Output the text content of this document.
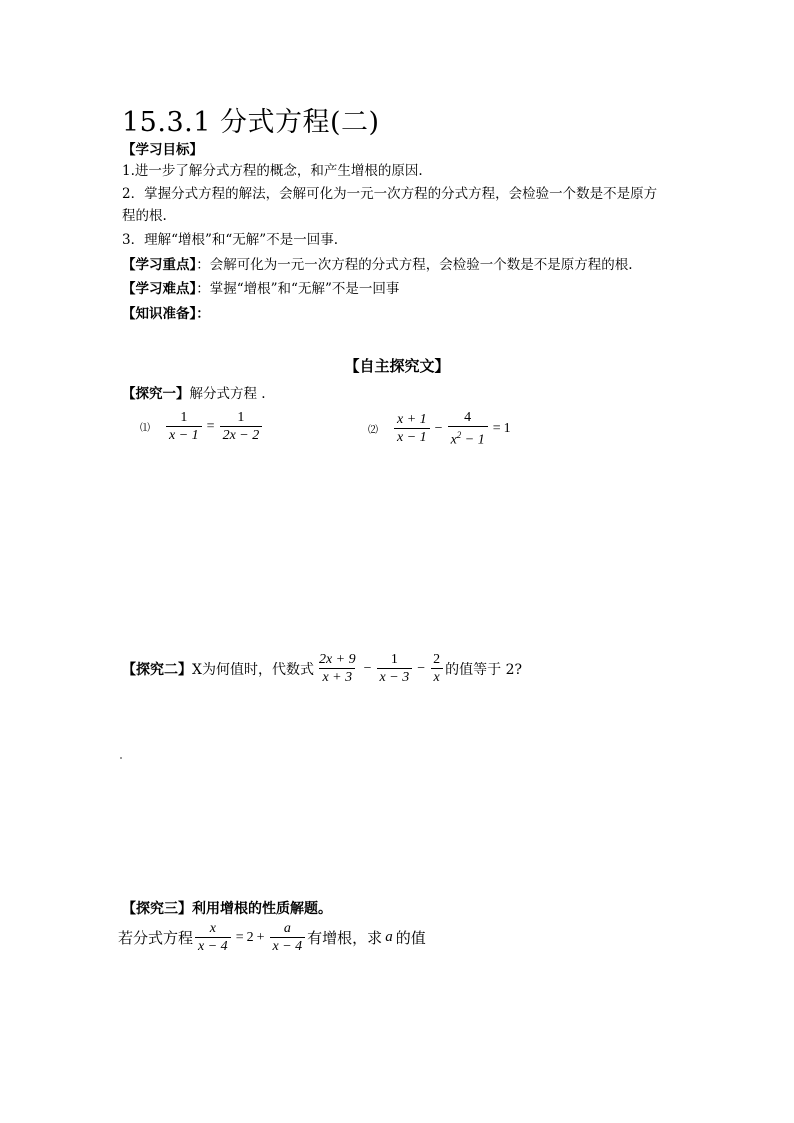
15.3.1 分式方程(二)
【学习目标】
1.进一步了解分式方程的概念，和产生增根的原因.
2．掌握分式方程的解法，会解可化为一元一次方程的分式方程，会检验一个数是不是原方
程的根.
3．理解“增根”和“无解”不是一回事.
【学习重点】：会解可化为一元一次方程的分式方程，会检验一个数是不是原方程的根.
【学习难点】：掌握“增根”和“无解”不是一回事
【知识准备】：
【自主探究文】
【探究一】解分式方程 .
⑴ $\frac{1}{x - 1} = \frac{1}{2x - 2}$	⑵ $\frac{x + 1}{x - 1} - \frac{4}{x^2 - 1} = 1$
【探究二】 X为何值时，代数式 $\frac{2x + 9}{x + 3} - \frac{1}{x - 3} - \frac{2}{x}$ 的值等于 2?
【探究三】利用增根的性质解题。
若分式方程 $\frac{x}{x - 4} = 2 + \frac{a}{x - 4}$ 有增根，求 a 的值
